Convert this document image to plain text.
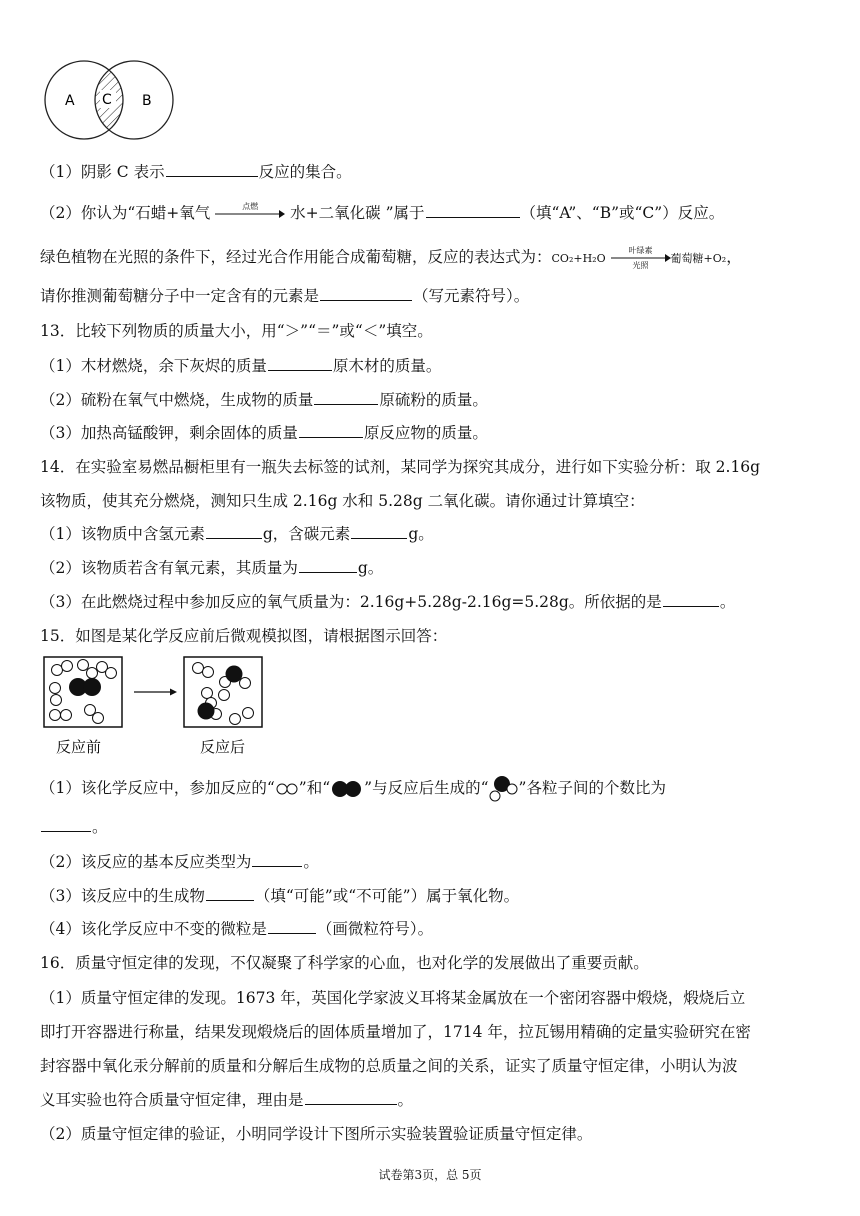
A C B
（1）阴影 C 表示	反应的集合。
（2）你认为“石蜡+氧气	点燃	水+二氧化碳 ”属于	（填“A”、“B”或“C”）反应。
绿色植物在光照的条件下，经过光合作用能合成葡萄糖，反应的表达式为：CO₂+H₂O
叶绿素
光照
葡萄糖+O₂，
请你推测葡萄糖分子中一定含有的元素是	（写元素符号）。
13．比较下列物质的质量大小，用“＞”“＝”或“＜”填空。
（1）木材燃烧，余下灰烬的质量	原木材的质量。
（2）硫粉在氧气中燃烧，生成物的质量	原硫粉的质量。
（3）加热高锰酸钾，剩余固体的质量	原反应物的质量。
14．在实验室易燃品橱柜里有一瓶失去标签的试剂，某同学为探究其成分，进行如下实验分析：取 2.16g
该物质，使其充分燃烧，测知只生成 2.16g 水和 5.28g 二氧化碳。请你通过计算填空：
（1）该物质中含氢元素	g，含碳元素	g。
（2）该物质若含有氧元素，其质量为	g。
（3）在此燃烧过程中参加反应的氧气质量为：2.16g+5.28g-2.16g=5.28g。所依据的是	。
15．如图是某化学反应前后微观模拟图，请根据图示回答：
反应前	反应后
（1）该化学反应中，参加反应的“ ”和“ ”与反应后生成的“ ”各粒子间的个数比为
。
（2）该反应的基本反应类型为	。
（3）该反应中的生成物	（填“可能”或“不可能”）属于氧化物。
（4）该化学反应中不变的微粒是	（画微粒符号）。
16．质量守恒定律的发现，不仅凝聚了科学家的心血，也对化学的发展做出了重要贡献。
（1）质量守恒定律的发现。1673 年，英国化学家波义耳将某金属放在一个密闭容器中煅烧，煅烧后立
即打开容器进行称量，结果发现煅烧后的固体质量增加了，1714 年，拉瓦锡用精确的定量实验研究在密
封容器中氧化汞分解前的质量和分解后生成物的总质量之间的关系，证实了质量守恒定律，小明认为波
义耳实验也符合质量守恒定律，理由是	。
（2）质量守恒定律的验证，小明同学设计下图所示实验装置验证质量守恒定律。
试卷第3页，总 5页
